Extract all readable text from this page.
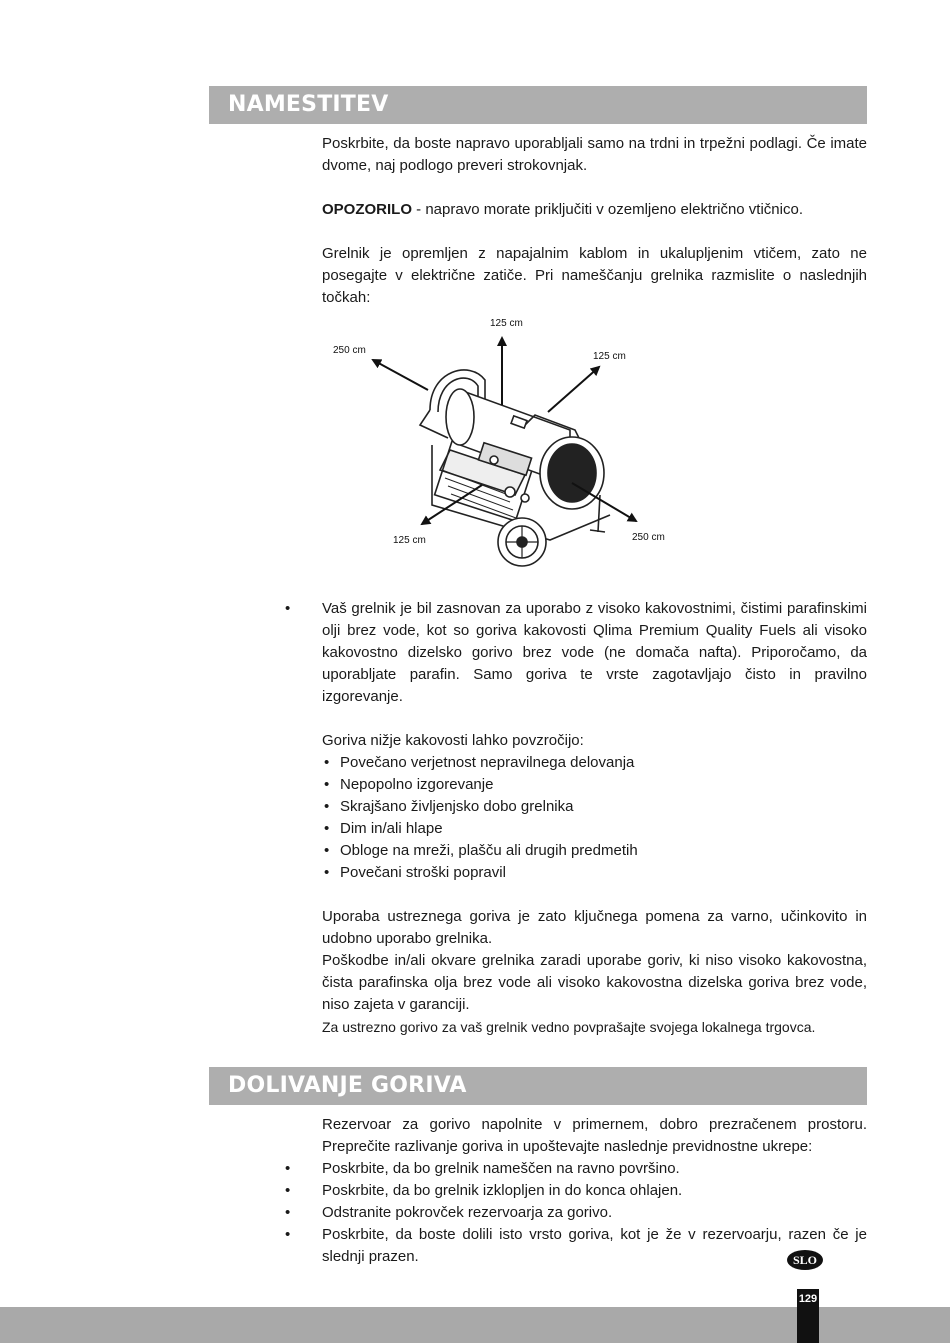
NAMESTITEV

Poskrbite, da boste napravo uporabljali samo na trdni in trpežni podlagi. Če imate dvome, naj podlogo preveri strokovnjak.

OPOZORILO - napravo morate priključiti v ozemljeno električno vtičnico.

Grelnik je opremljen z napajalnim kablom in ukalupljenim vtičem, zato ne posegajte v električne zatiče. Pri nameščanju grelnika razmislite o naslednjih točkah:

125 cm
250 cm
125 cm
125 cm	250 cm
• Vaš grelnik je bil zasnovan za uporabo z visoko kakovostnimi, čistimi parafinskimi olji brez vode, kot so goriva kakovosti Qlima Premium Quality Fuels ali visoko kakovostno dizelsko gorivo brez vode (ne domača nafta). Priporočamo, da uporabljate parafin. Samo goriva te vrste zagotavljajo čisto in pravilno izgorevanje.

Goriva nižje kakovosti lahko povzročijo:

• Povečano verjetnost nepravilnega delovanja
• Nepopolno izgorevanje
• Skrajšano življenjsko dobo grelnika
• Dim in/ali hlape
• Obloge na mreži, plašču ali drugih predmetih
• Povečani stroški popravil

Uporaba ustreznega goriva je zato ključnega pomena za varno, učinkovito in udobno uporabo grelnika.

Poškodbe in/ali okvare grelnika zaradi uporabe goriv, ki niso visoko kakovostna, čista parafinska olja brez vode ali visoko kakovostna dizelska goriva brez vode, niso zajeta v garanciji.

Za ustrezno gorivo za vaš grelnik vedno povprašajte svojega lokalnega trgovca.

DOLIVANJE GORIVA

Rezervoar za gorivo napolnite v primernem, dobro prezračenem prostoru. Preprečite razlivanje goriva in upoštevajte naslednje previdnostne ukrepe:

• Poskrbite, da bo grelnik nameščen na ravno površino.
• Poskrbite, da bo grelnik izklopljen in do konca ohlajen.
• Odstranite pokrovček rezervoarja za gorivo.
• Poskrbite, da boste dolili isto vrsto goriva, kot je že v rezervoarju, razen če je slednji prazen.	SLO
129
